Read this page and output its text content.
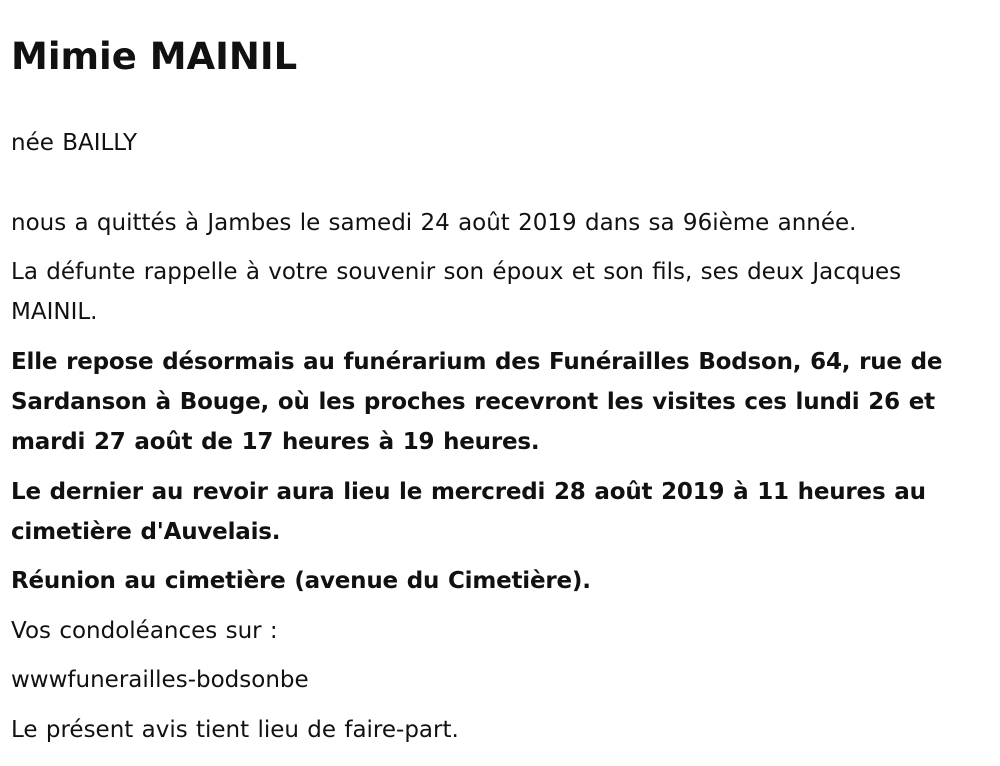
Mimie MAINIL

née BAILLY

nous a quittés à Jambes le samedi 24 août 2019 dans sa 96ième année.

La défunte rappelle à votre souvenir son époux et son fils, ses deux Jacques MAINIL.

Elle repose désormais au funérarium des Funérailles Bodson, 64, rue de Sardanson à Bouge, où les proches recevront les visites ces lundi 26 et mardi 27 août de 17 heures à 19 heures.

Le dernier au revoir aura lieu le mercredi 28 août 2019 à 11 heures au cimetière d'Auvelais.

Réunion au cimetière (avenue du Cimetière).

Vos condoléances sur :

wwwfunerailles-bodsonbe

Le présent avis tient lieu de faire-part.
